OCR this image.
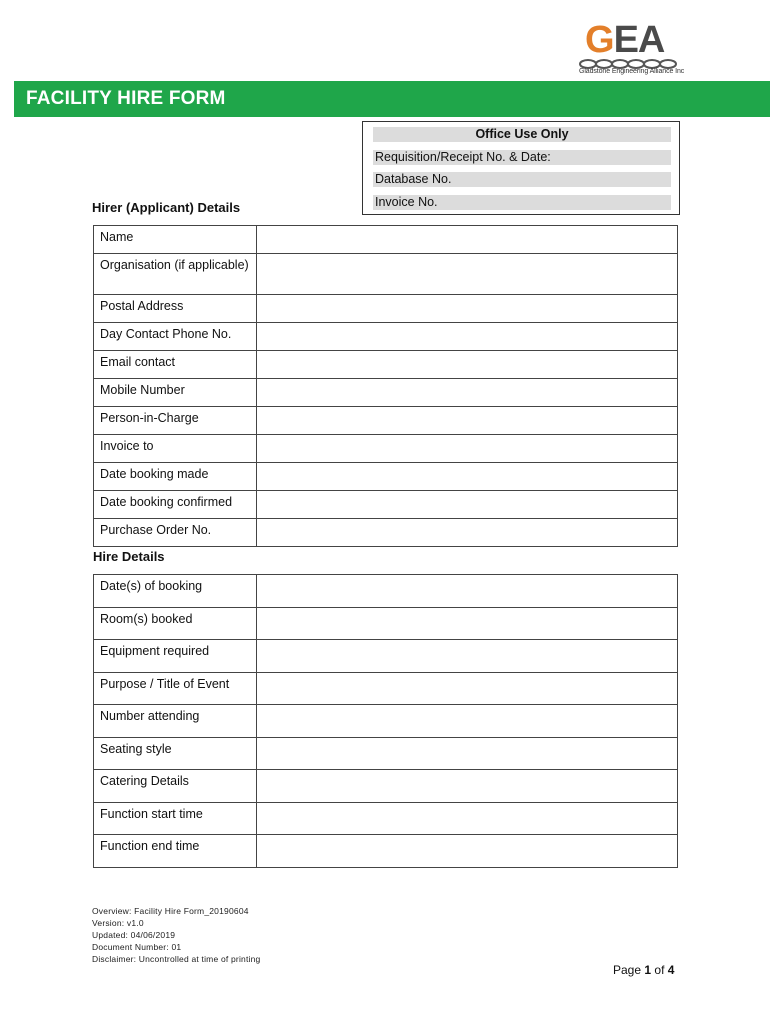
GEA
Gladstone Engineering Alliance Inc
FACILITY HIRE FORM
Office Use Only
Requisition/Receipt No. & Date:
Database No.
Invoice No.
Hirer (Applicant) Details
Name	
Organisation (if applicable)	
Postal Address	
Day Contact Phone No.	
Email contact	
Mobile Number	
Person-in-Charge	
Invoice to	
Date booking made	
Date booking confirmed	
Purchase Order No.	
Hire Details
Date(s) of booking	
Room(s) booked	
Equipment required	
Purpose / Title of Event	
Number attending	
Seating style	
Catering Details	
Function start time	
Function end time	
Overview: Facility Hire Form_20190604
Version: v1.0
Updated: 04/06/2019
Document Number: 01
Disclaimer: Uncontrolled at time of printing
Page 1 of 4
